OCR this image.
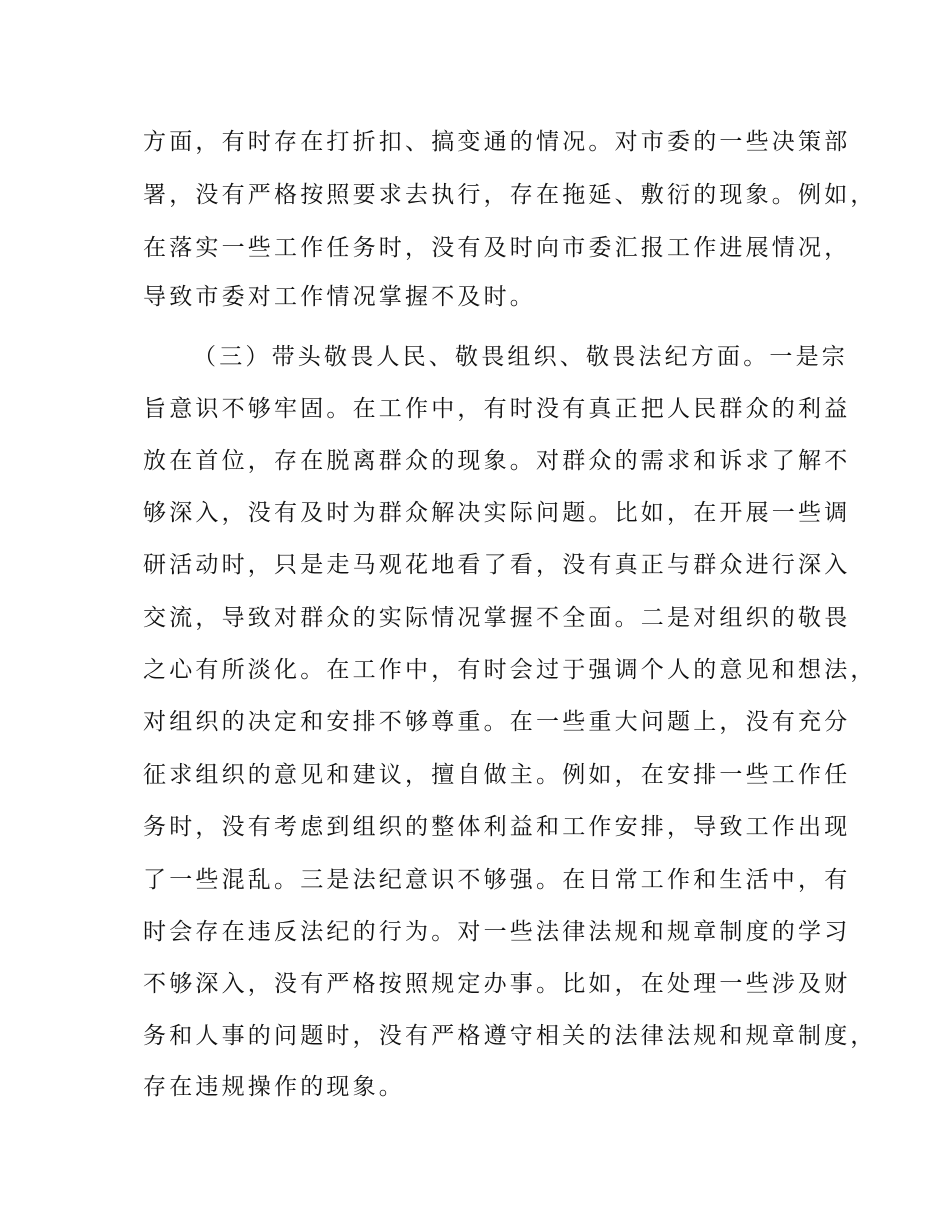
方面，有时存在打折扣、搞变通的情况。对市委的一些决策部

署，没有严格按照要求去执行，存在拖延、敷衍的现象。例如，

在落实一些工作任务时，没有及时向市委汇报工作进展情况，

导致市委对工作情况掌握不及时。

（三）带头敬畏人民、敬畏组织、敬畏法纪方面。一是宗

旨意识不够牢固。在工作中，有时没有真正把人民群众的利益

放在首位，存在脱离群众的现象。对群众的需求和诉求了解不

够深入，没有及时为群众解决实际问题。比如，在开展一些调

研活动时，只是走马观花地看了看，没有真正与群众进行深入

交流，导致对群众的实际情况掌握不全面。二是对组织的敬畏

之心有所淡化。在工作中，有时会过于强调个人的意见和想法，

对组织的决定和安排不够尊重。在一些重大问题上，没有充分

征求组织的意见和建议，擅自做主。例如，在安排一些工作任

务时，没有考虑到组织的整体利益和工作安排，导致工作出现

了一些混乱。三是法纪意识不够强。在日常工作和生活中，有

时会存在违反法纪的行为。对一些法律法规和规章制度的学习

不够深入，没有严格按照规定办事。比如，在处理一些涉及财

务和人事的问题时，没有严格遵守相关的法律法规和规章制度，

存在违规操作的现象。
